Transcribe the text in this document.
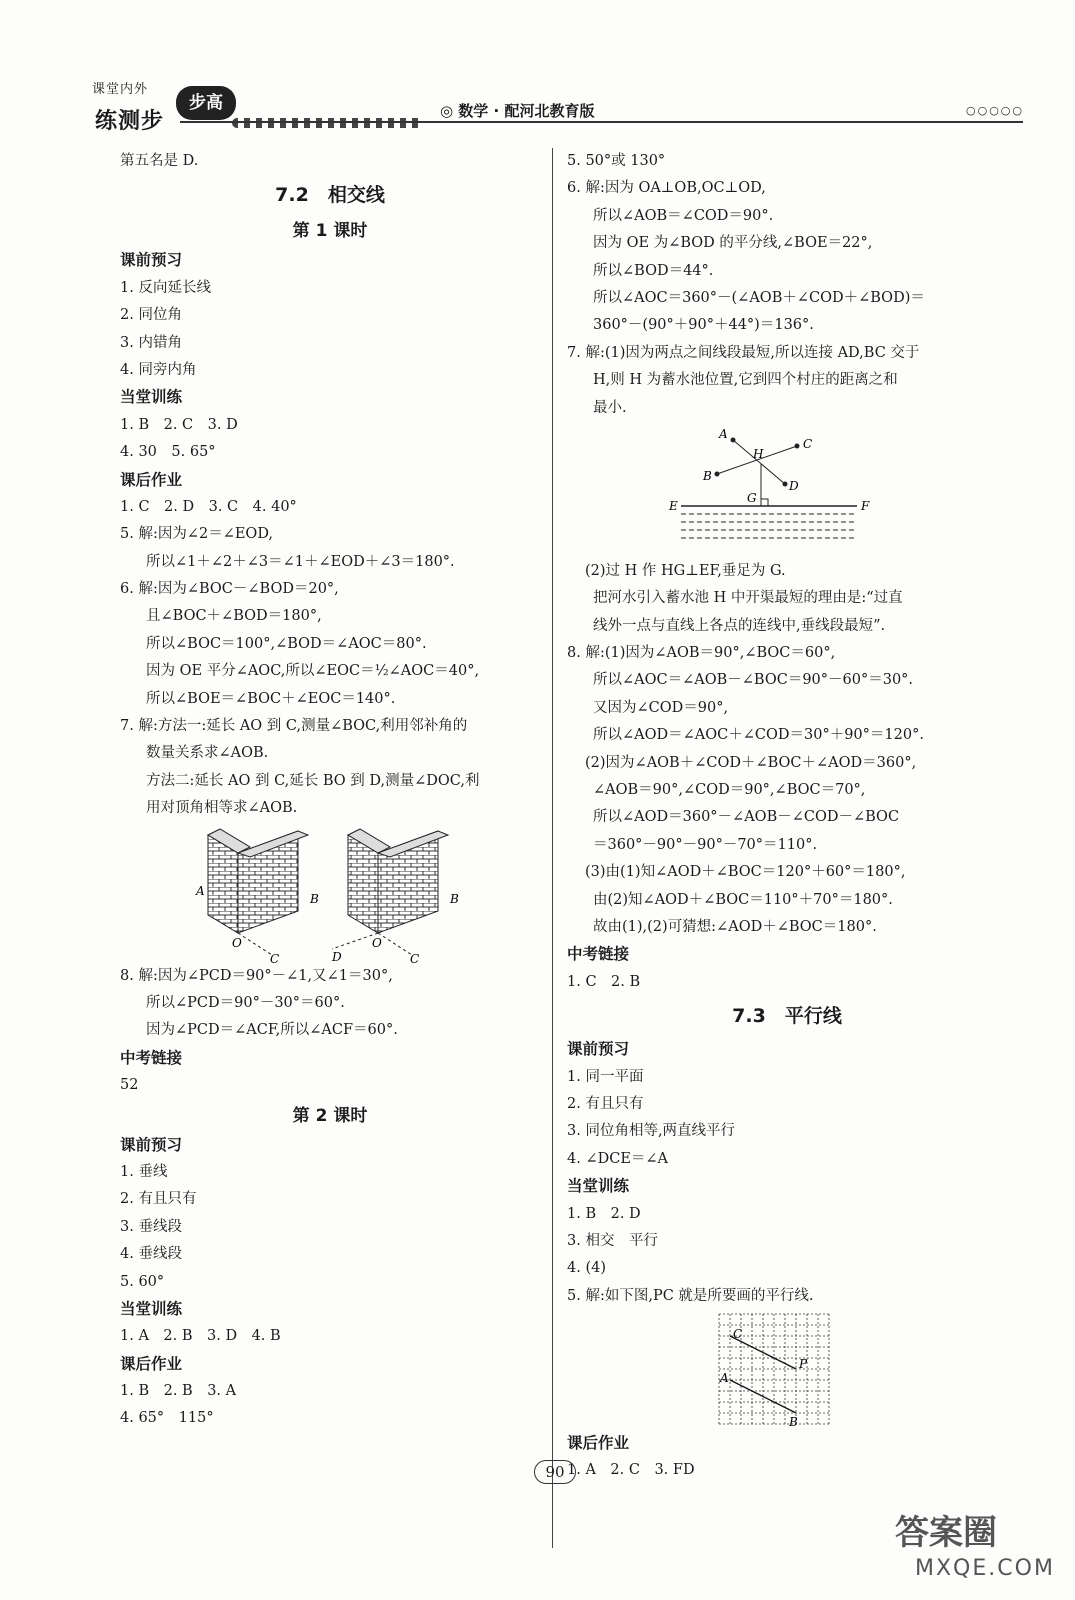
课堂内外
练测步
步高	◎ 数学 · 配河北教育版	○○○○○
第五名是 D.
7.2　相交线
第 1 课时
课前预习
1. 反向延长线
2. 同位角
3. 内错角
4. 同旁内角
当堂训练
1. B　2. C　3. D
4. 30　5. 65°
课后作业
1. C　2. D　3. C　4. 40°
5. 解:因为∠2＝∠EOD,
所以∠1＋∠2＋∠3＝∠1＋∠EOD＋∠3＝180°.
6. 解:因为∠BOC－∠BOD＝20°,
且∠BOC＋∠BOD＝180°,
所以∠BOC＝100°,∠BOD＝∠AOC＝80°.
因为 OE 平分∠AOC,所以∠EOC＝½∠AOC＝40°,
所以∠BOE＝∠BOC＋∠EOC＝140°.
7. 解:方法一:延长 AO 到 C,测量∠BOC,利用邻补角的
数量关系求∠AOB.
方法二:延长 AO 到 C,延长 BO 到 D,测量∠DOC,利
用对顶角相等求∠AOB.
A
B
O
C	D
O
C
B
8. 解:因为∠PCD＝90°－∠1,又∠1＝30°,
所以∠PCD＝90°－30°＝60°.
因为∠PCD＝∠ACF,所以∠ACF＝60°.
中考链接
52
第 2 课时
课前预习
1. 垂线
2. 有且只有
3. 垂线段
4. 垂线段
5. 60°
当堂训练
1. A　2. B　3. D　4. B
课后作业
1. B　2. B　3. A
4. 65°　115°
5. 50°或 130°
6. 解:因为 OA⊥OB,OC⊥OD,
所以∠AOB＝∠COD＝90°.
因为 OE 为∠BOD 的平分线,∠BOE＝22°,
所以∠BOD＝44°.
所以∠AOC＝360°－(∠AOB＋∠COD＋∠BOD)＝
360°－(90°＋90°＋44°)＝136°.
7. 解:(1)因为两点之间线段最短,所以连接 AD,BC 交于
H,则 H 为蓄水池位置,它到四个村庄的距离之和
最小.
A
H
C
B
D
G
E	F
(2)过 H 作 HG⊥EF,垂足为 G.
把河水引入蓄水池 H 中开渠最短的理由是:“过直
线外一点与直线上各点的连线中,垂线段最短”.
8. 解:(1)因为∠AOB＝90°,∠BOC＝60°,
所以∠AOC＝∠AOB－∠BOC＝90°－60°＝30°.
又因为∠COD＝90°,
所以∠AOD＝∠AOC＋∠COD＝30°＋90°＝120°.
(2)因为∠AOB＋∠COD＋∠BOC＋∠AOD＝360°,
∠AOB＝90°,∠COD＝90°,∠BOC＝70°,
所以∠AOD＝360°－∠AOB－∠COD－∠BOC
＝360°－90°－90°－70°＝110°.
(3)由(1)知∠AOD＋∠BOC＝120°＋60°＝180°,
由(2)知∠AOD＋∠BOC＝110°＋70°＝180°.
故由(1),(2)可猜想:∠AOD＋∠BOC＝180°.
中考链接
1. C　2. B
7.3　平行线
课前预习
1. 同一平面
2. 有且只有
3. 同位角相等,两直线平行
4. ∠DCE＝∠A
当堂训练
1. B　2. D
3. 相交　平行
4. (4)
5. 解:如下图,PC 就是所要画的平行线.
C
P
A
B
课后作业
1. A　2. C　3. FD
90
答案圈
MXQE.COM
